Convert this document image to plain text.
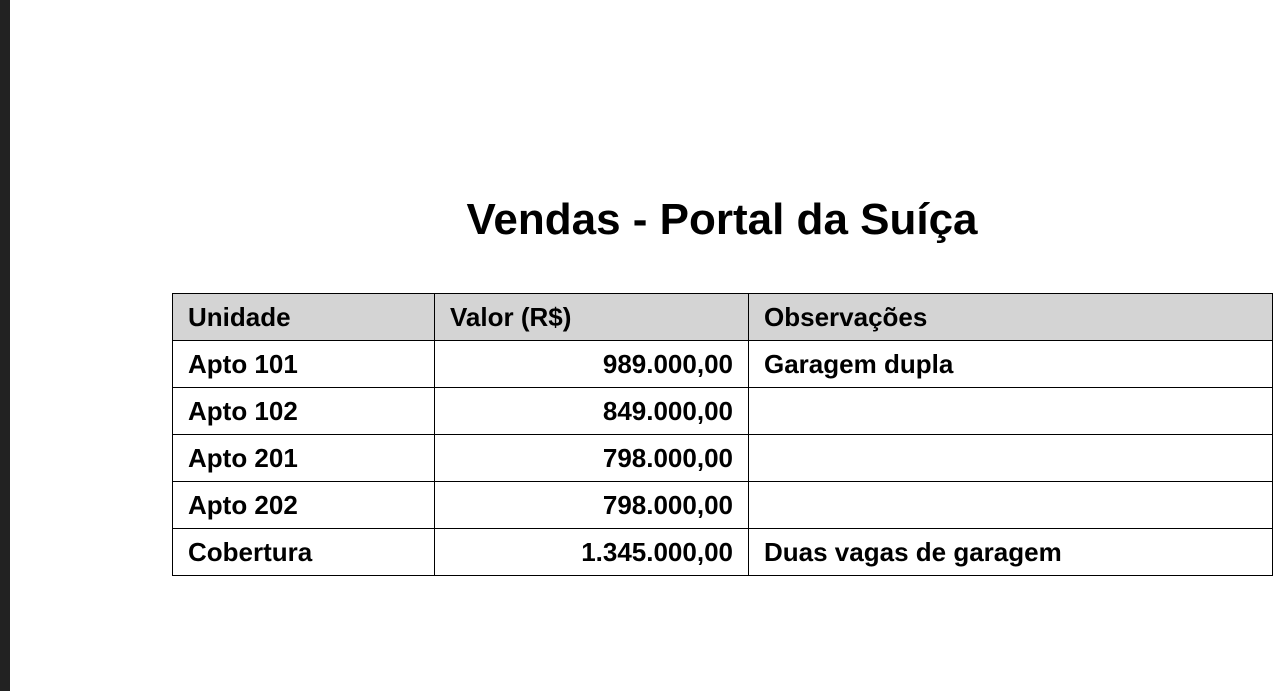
Vendas - Portal da Suíça
Unidade	Valor (R$)	Observações
Apto 101	989.000,00	Garagem dupla
Apto 102	849.000,00	
Apto 201	798.000,00	
Apto 202	798.000,00	
Cobertura	1.345.000,00	Duas vagas de garagem
